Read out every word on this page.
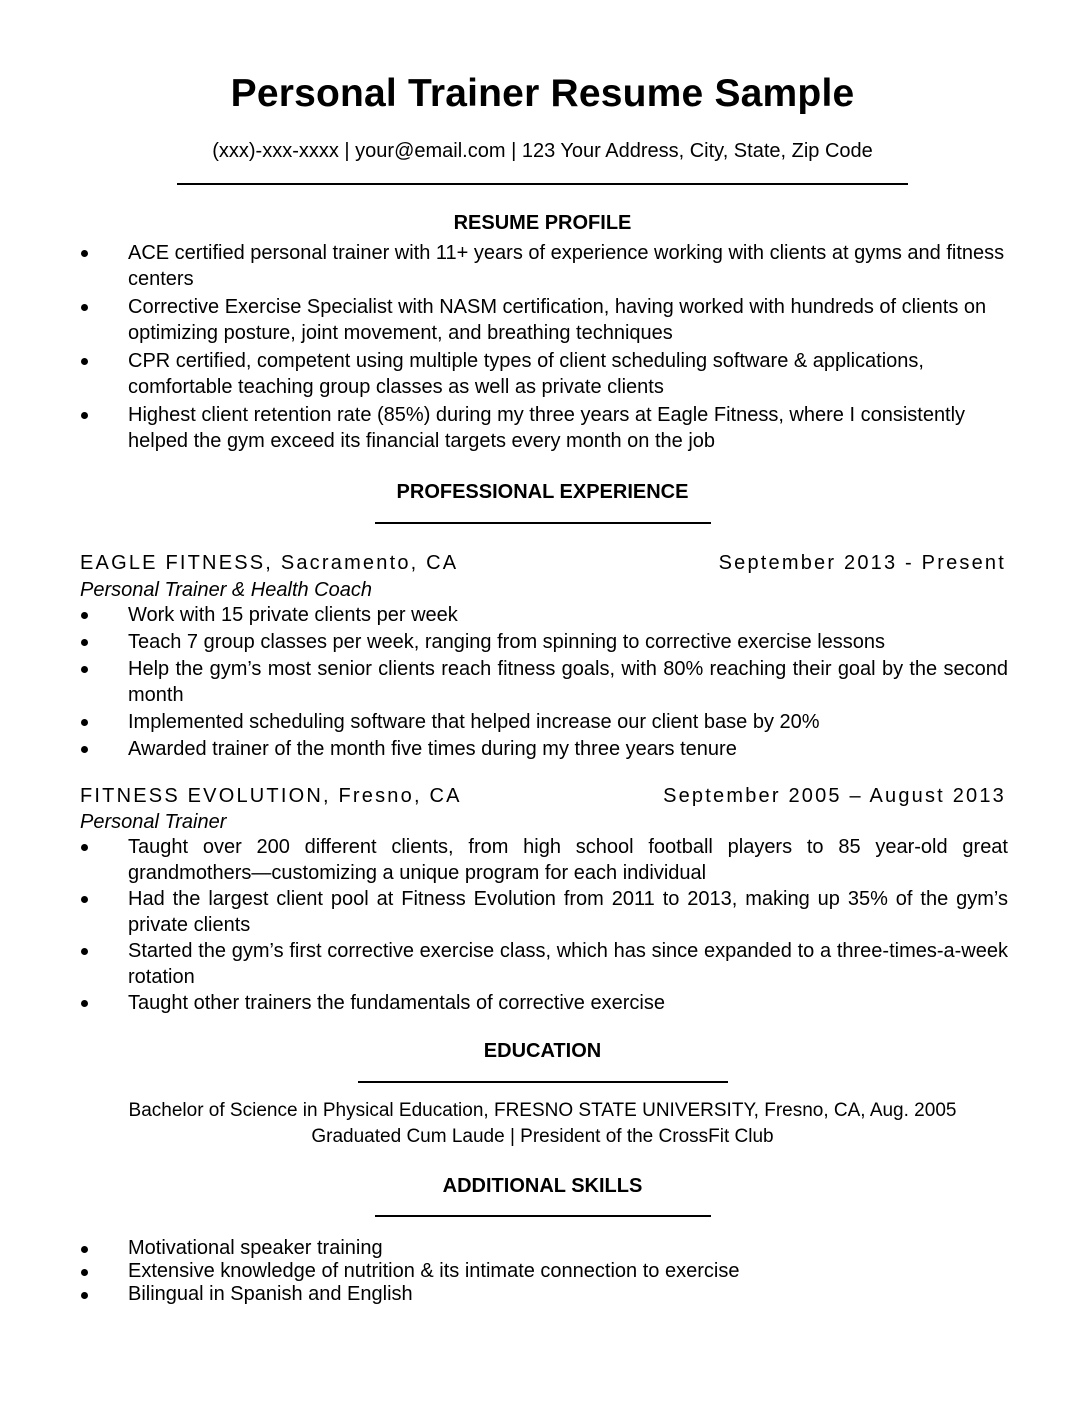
Personal Trainer Resume Sample
(xxx)-xxx-xxxx | your@email.com | 123 Your Address, City, State, Zip Code
RESUME PROFILE
ACE certified personal trainer with 11+ years of experience working with clients at gyms and fitness centers
Corrective Exercise Specialist with NASM certification, having worked with hundreds of clients on optimizing posture, joint movement, and breathing techniques
CPR certified, competent using multiple types of client scheduling software & applications, comfortable teaching group classes as well as private clients
Highest client retention rate (85%) during my three years at Eagle Fitness, where I consistently helped the gym exceed its financial targets every month on the job
PROFESSIONAL EXPERIENCE
EAGLE FITNESS, Sacramento, CA	September 2013 - Present
Personal Trainer & Health Coach
Work with 15 private clients per week
Teach 7 group classes per week, ranging from spinning to corrective exercise lessons
Help the gym’s most senior clients reach fitness goals, with 80% reaching their goal by the second month
Implemented scheduling software that helped increase our client base by 20%
Awarded trainer of the month five times during my three years tenure
FITNESS EVOLUTION, Fresno, CA	September 2005 – August 2013
Personal Trainer
Taught over 200 different clients, from high school football players to 85 year-old great grandmothers—customizing a unique program for each individual
Had the largest client pool at Fitness Evolution from 2011 to 2013, making up 35% of the gym’s private clients
Started the gym’s first corrective exercise class, which has since expanded to a three-times-a-week rotation
Taught other trainers the fundamentals of corrective exercise
EDUCATION
Bachelor of Science in Physical Education, FRESNO STATE UNIVERSITY, Fresno, CA, Aug. 2005
Graduated Cum Laude | President of the CrossFit Club
ADDITIONAL SKILLS
Motivational speaker training
Extensive knowledge of nutrition & its intimate connection to exercise
Bilingual in Spanish and English
